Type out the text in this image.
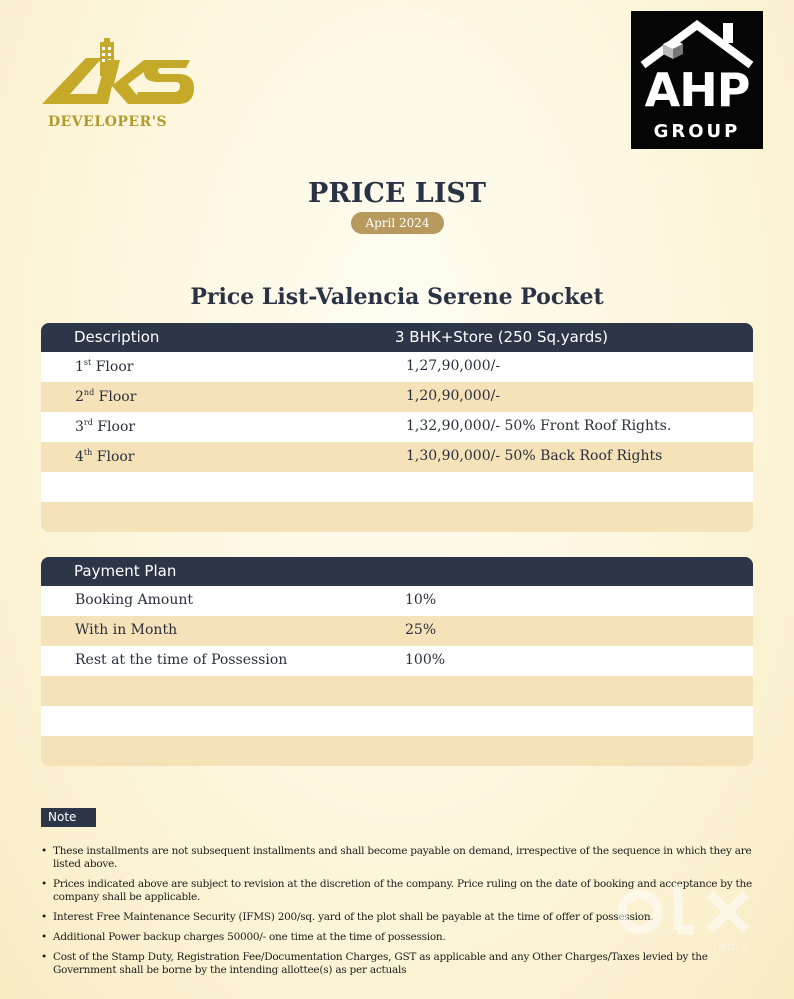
DEVELOPER'S
AHP
GROUP
PRICE LIST
April 2024
Price List-Valencia Serene Pocket
Description	3 BHK+Store (250 Sq.yards)
1st Floor	1,27,90,000/-
2nd Floor	1,20,90,000/-
3rd Floor	1,32,90,000/- 50% Front Roof Rights.
4th Floor	1,30,90,000/- 50% Back Roof Rights
Payment Plan
Booking Amount	10%
With in Month	25%
Rest at the time of Possession	100%
Note
• These installments are not subsequent installments and shall become payable on demand, irrespective of the sequence in which they are listed above.
• Prices indicated above are subject to revision at the discretion of the company. Price ruling on the date of booking and acceptance by the company shall be applicable.
• Interest Free Maintenance Security (IFMS) 200/sq. yard of the plot shall be payable at the time of offer of possession.
• Additional Power backup charges 50000/- one time at the time of possession.
• Cost of the Stamp Duty, Registration Fee/Documentation Charges, GST as applicable and any Other Charges/Taxes levied by the Government shall be borne by the intending allottee(s) as per actuals
INDIA
